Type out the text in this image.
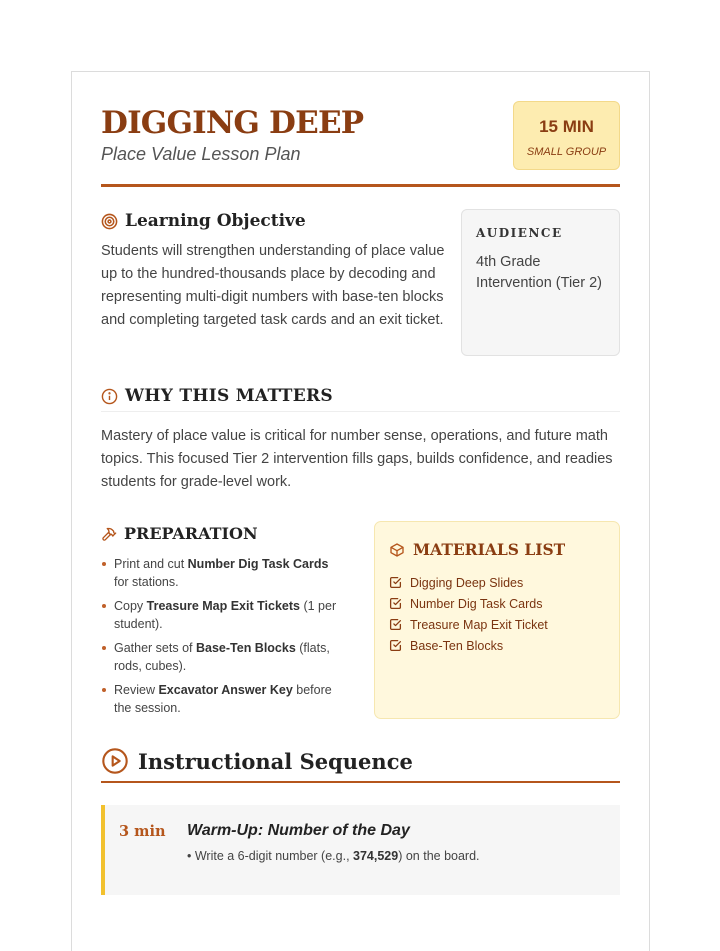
DIGGING DEEP
Place Value Lesson Plan
15 MIN
SMALL GROUP
Learning Objective
Students will strengthen understanding of place value up to the hundred-thousands place by decoding and representing multi-digit numbers with base-ten blocks and completing targeted task cards and an exit ticket.
AUDIENCE
4th Grade Intervention (Tier 2)
WHY THIS MATTERS
Mastery of place value is critical for number sense, operations, and future math topics. This focused Tier 2 intervention fills gaps, builds confidence, and readies students for grade-level work.
PREPARATION
Print and cut Number Dig Task Cards for stations.
Copy Treasure Map Exit Tickets (1 per student).
Gather sets of Base-Ten Blocks (flats, rods, cubes).
Review Excavator Answer Key before the session.
MATERIALS LIST
Digging Deep Slides
Number Dig Task Cards
Treasure Map Exit Ticket
Base-Ten Blocks
Instructional Sequence
3 min Warm-Up: Number of the Day
• Write a 6-digit number (e.g., 374,529) on the board.
